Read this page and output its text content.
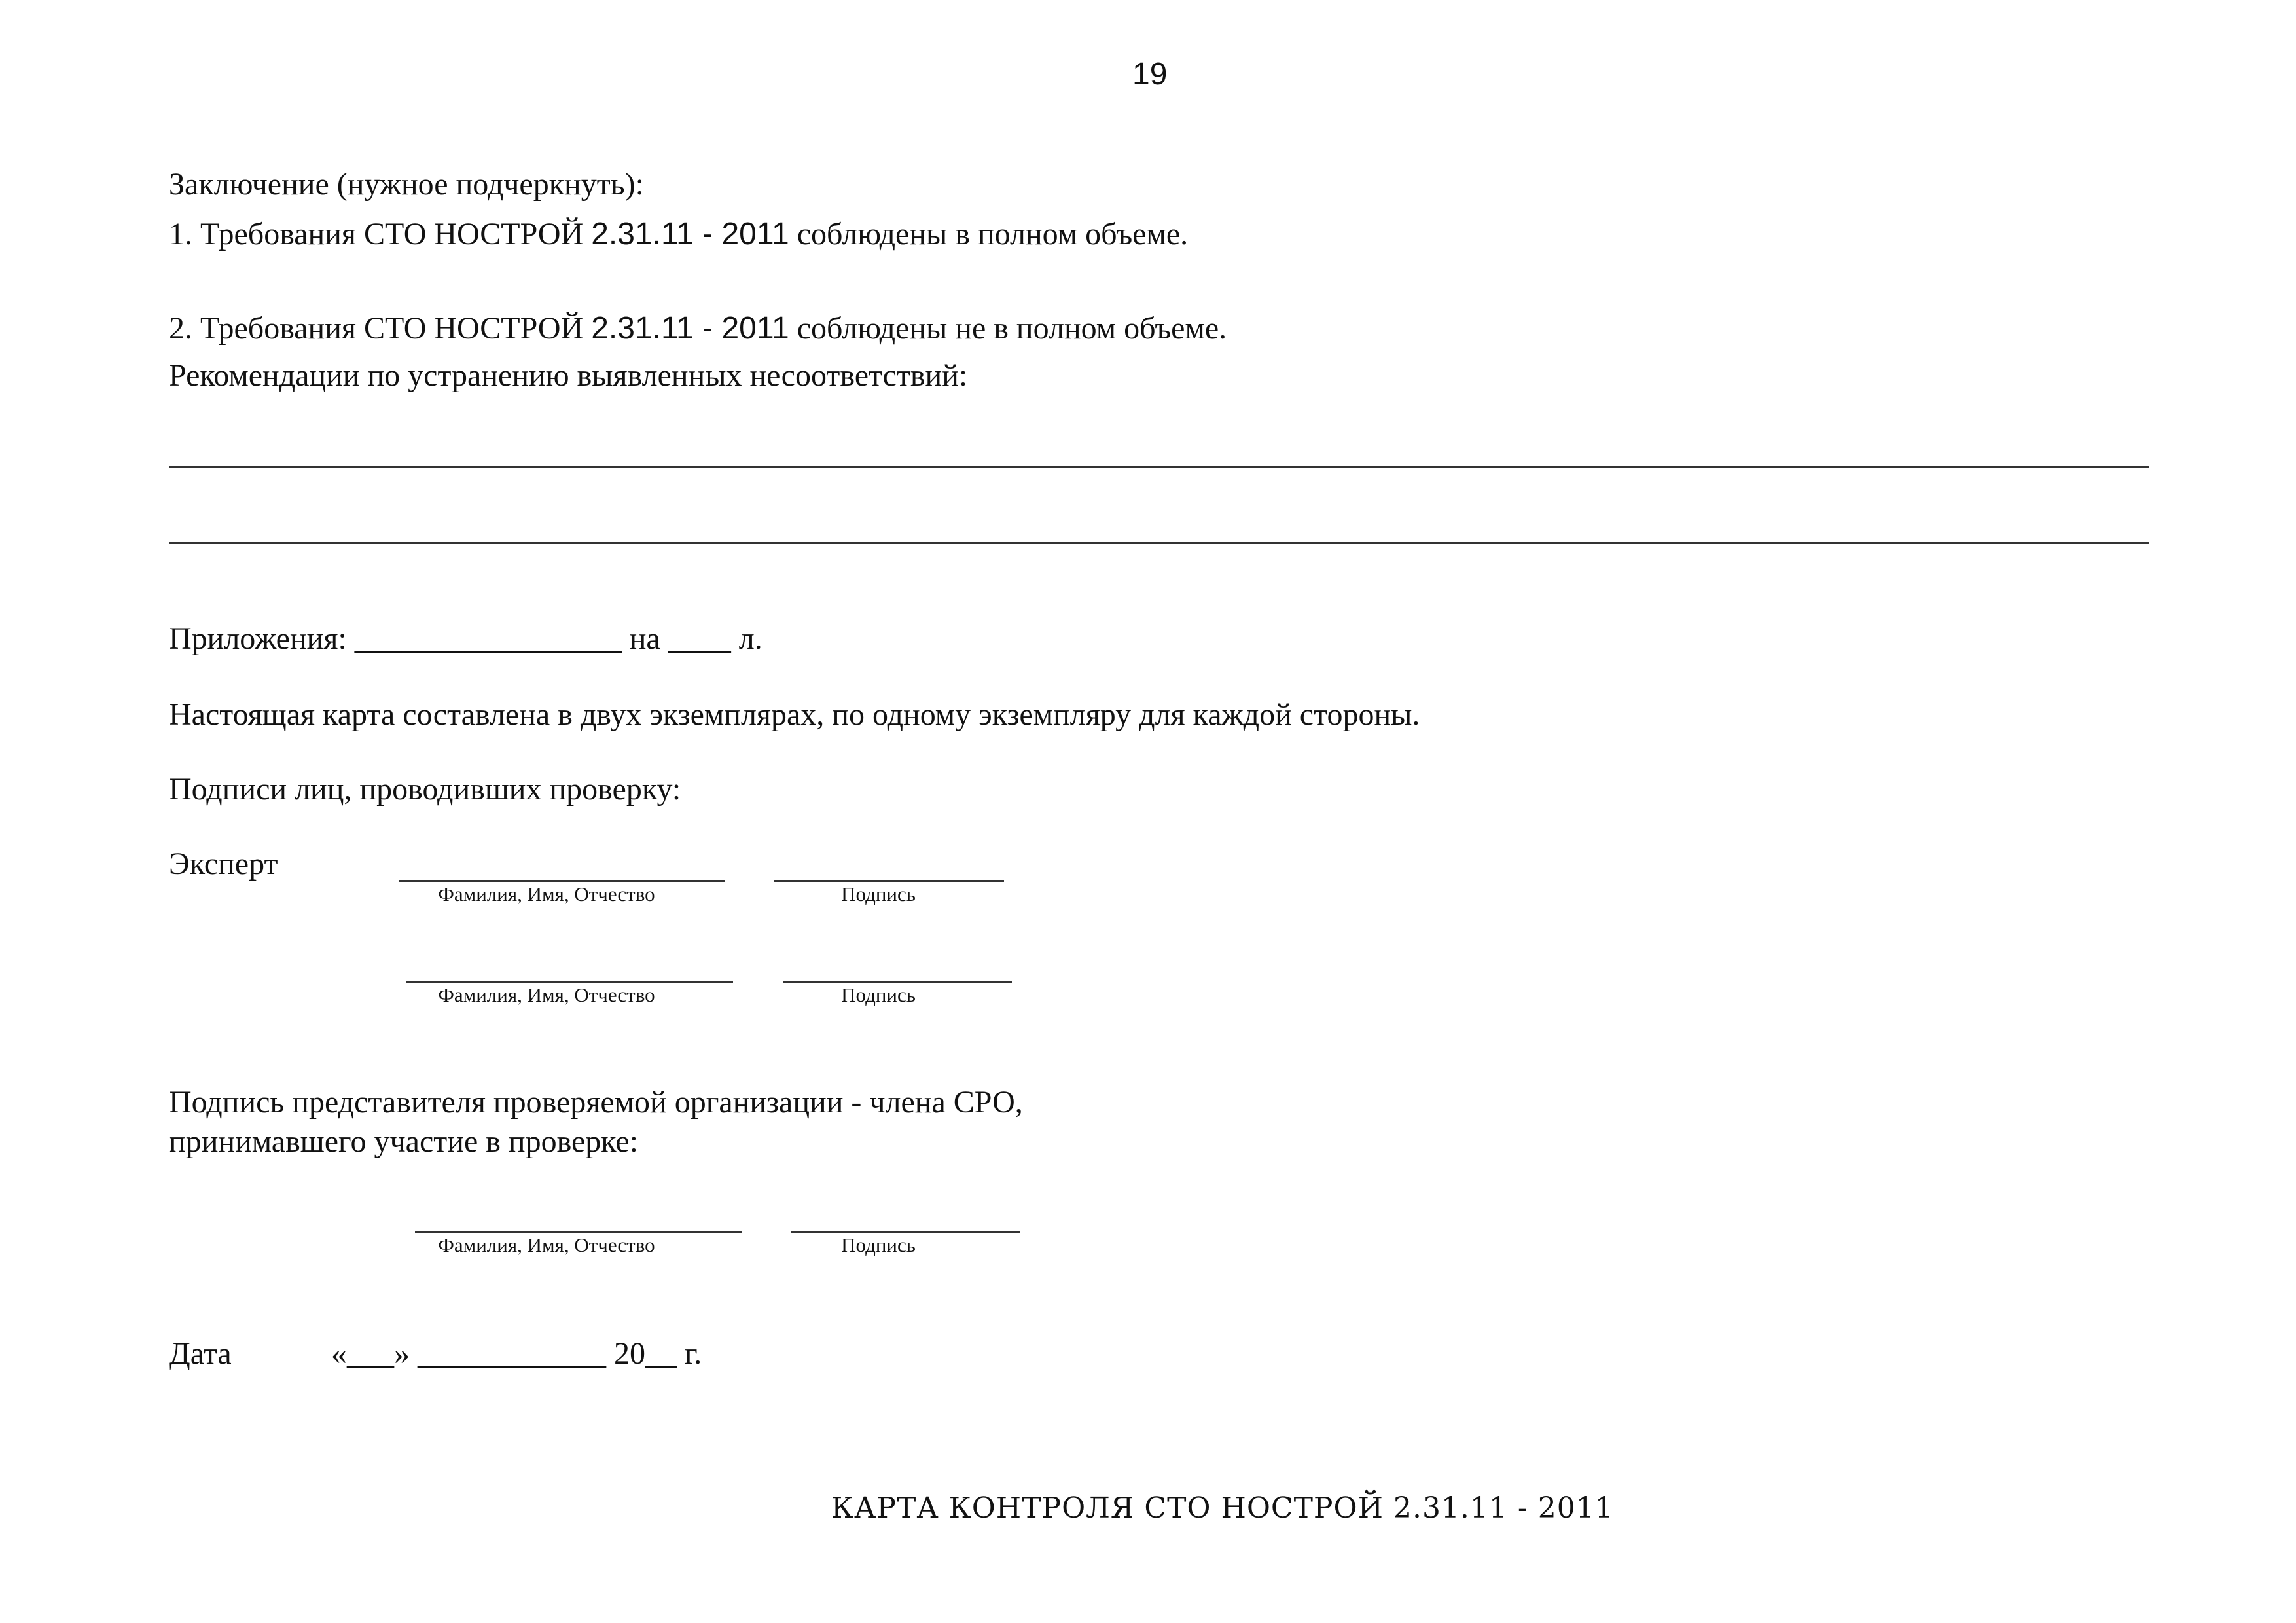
19

Заключение (нужное подчеркнуть):

1. Требования СТО НОСТРОЙ 2.31.11 - 2011 соблюдены в полном объеме.

2. Требования СТО НОСТРОЙ 2.31.11 - 2011 соблюдены не в полном объеме.

Рекомендации по устранению выявленных несоответствий:

Приложения: _________________ на ____ л.

Настоящая карта составлена в двух экземплярах, по одному экземпляру для каждой стороны.

Подписи лиц, проводивших проверку:

Эксперт

Фамилия, Имя, Отчество	Подпись
Фамилия, Имя, Отчество	Подпись

Подпись представителя проверяемой организации - члена СРО,

принимавшего участие в проверке:

Фамилия, Имя, Отчество	Подпись

Дата	«___» ____________ 20__ г.

КАРТА КОНТРОЛЯ СТО НОСТРОЙ 2.31.11 - 2011
